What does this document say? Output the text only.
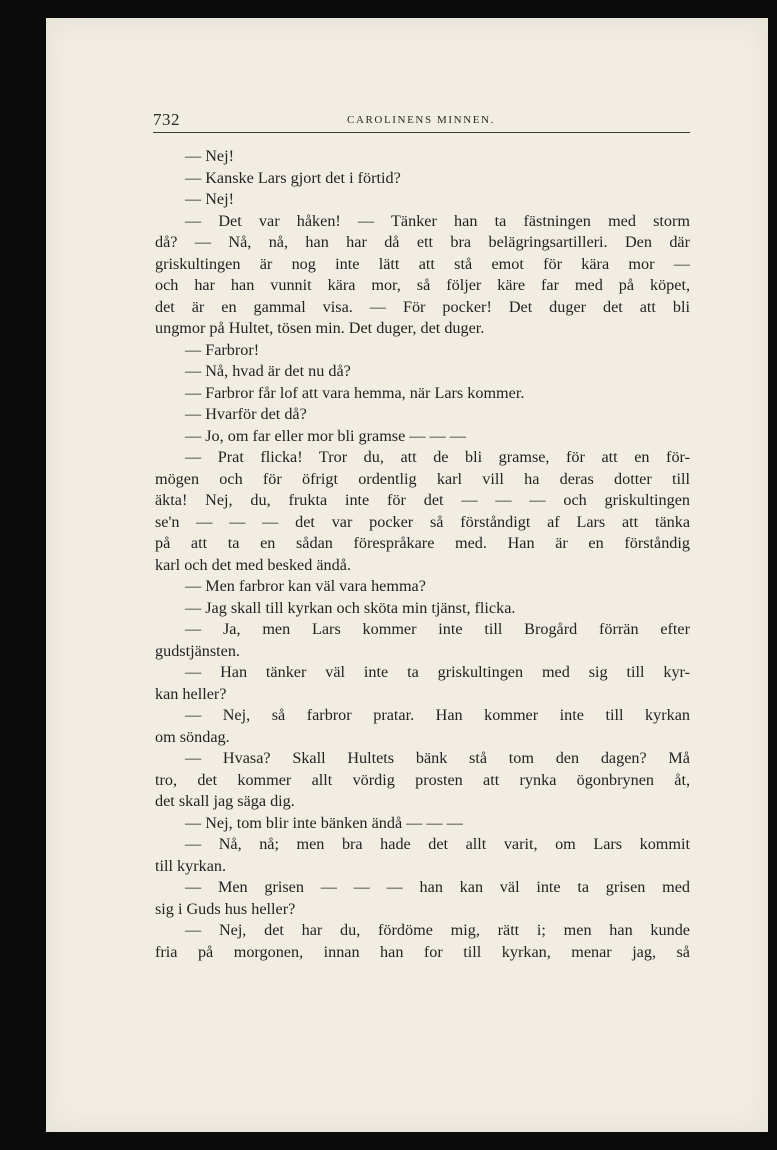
732	CAROLINENS MINNEN.
— Nej!
— Kanske Lars gjort det i förtid?
— Nej!
— Det var håken! — Tänker han ta fästningen med storm
då? — Nå, nå, han har då ett bra belägringsartilleri. Den där
griskultingen är nog inte lätt att stå emot för kära mor —
och har han vunnit kära mor, så följer käre far med på köpet,
det är en gammal visa. — För pocker! Det duger det att bli
ungmor på Hultet, tösen min. Det duger, det duger.
— Farbror!
— Nå, hvad är det nu då?
— Farbror får lof att vara hemma, när Lars kommer.
— Hvarför det då?
— Jo, om far eller mor bli gramse — — —
— Prat flicka! Tror du, att de bli gramse, för att en för-
mögen och för öfrigt ordentlig karl vill ha deras dotter till
äkta! Nej, du, frukta inte för det — — — och griskultingen
se'n — — — det var pocker så förståndigt af Lars att tänka
på att ta en sådan förespråkare med. Han är en förståndig
karl och det med besked ändå.
— Men farbror kan väl vara hemma?
— Jag skall till kyrkan och sköta min tjänst, flicka.
— Ja, men Lars kommer inte till Brogård förrän efter
gudstjänsten.
— Han tänker väl inte ta griskultingen med sig till kyr-
kan heller?
— Nej, så farbror pratar. Han kommer inte till kyrkan
om söndag.
— Hvasa? Skall Hultets bänk stå tom den dagen? Må
tro, det kommer allt vördig prosten att rynka ögonbrynen åt,
det skall jag säga dig.
— Nej, tom blir inte bänken ändå — — —
— Nå, nå; men bra hade det allt varit, om Lars kommit
till kyrkan.
— Men grisen — — — han kan väl inte ta grisen med
sig i Guds hus heller?
— Nej, det har du, fördöme mig, rätt i; men han kunde
fria på morgonen, innan han for till kyrkan, menar jag, så
